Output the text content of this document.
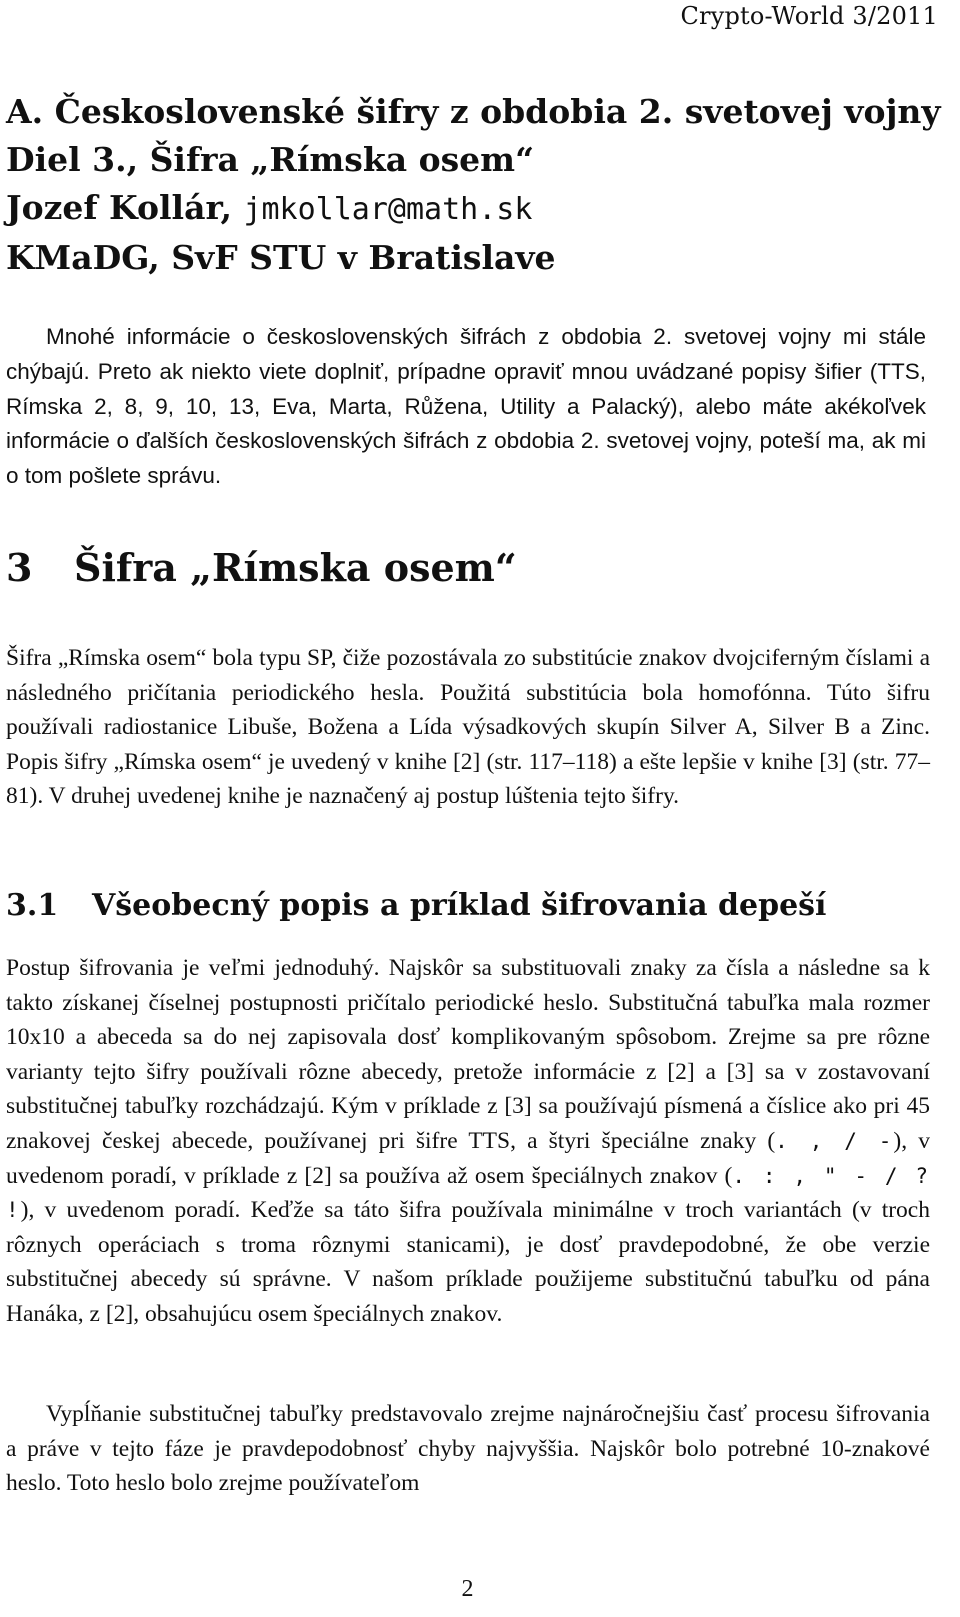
Crypto-World 3/2011
A. Československé šifry z obdobia 2. svetovej vojny
Diel 3., Šifra „Rímska osem“
Jozef Kollár, jmkollar@math.sk
KMaDG, SvF STU v Bratislave

Mnohé informácie o československých šifrách z obdobia 2. svetovej vojny mi stále chýbajú. Preto ak niekto viete doplniť, prípadne opraviť mnou uvádzané popisy šifier (TTS, Rímska 2, 8, 9, 10, 13, Eva, Marta, Růžena, Utility a Palacký), alebo máte akékoľvek informácie o ďalších československých šifrách z obdobia 2. svetovej vojny, poteší ma, ak mi o tom pošlete správu.

3 Šifra „Rímska osem“

Šifra „Rímska osem“ bola typu SP, čiže pozostávala zo substitúcie znakov dvojciferným číslami a následného pričítania periodického hesla. Použitá substitúcia bola homofónna. Túto šifru používali radiostanice Libuše, Božena a Lída výsadkových skupín Silver A, Silver B a Zinc. Popis šifry „Rímska osem“ je uvedený v knihe [2] (str. 117–118) a ešte lepšie v knihe [3] (str. 77–81). V druhej uvedenej knihe je naznačený aj postup lúštenia tejto šifry.

3.1 Všeobecný popis a príklad šifrovania depeší

Postup šifrovania je veľmi jednoduhý. Najskôr sa substituovali znaky za čísla a následne sa k takto získanej číselnej postupnosti pričítalo periodické heslo. Substitučná tabuľka mala rozmer 10x10 a abeceda sa do nej zapisovala dosť komplikovaným spôsobom. Zrejme sa pre rôzne varianty tejto šifry používali rôzne abecedy, pretože informácie z [2] a [3] sa v zostavovaní substitučnej tabuľky rozchádzajú. Kým v príklade z [3] sa používajú písmená a číslice ako pri 45 znakovej českej abecede, používanej pri šifre TTS, a štyri špeciálne znaky (. , / -), v uvedenom poradí, v príklade z [2] sa používa až osem špeciálnych znakov (. : , " - / ? !), v uvedenom poradí. Keďže sa táto šifra používala minimálne v troch variantách (v troch rôznych operáciach s troma rôznymi stanicami), je dosť pravdepodobné, že obe verzie substitučnej abecedy sú správne. V našom príklade použijeme substitučnú tabuľku od pána Hanáka, z [2], obsahujúcu osem špeciálnych znakov.

Vypĺňanie substitučnej tabuľky predstavovalo zrejme najnáročnejšiu časť procesu šifrovania a práve v tejto fáze je pravdepodobnosť chyby najvyššia. Najskôr bolo potrebné 10-znakové heslo. Toto heslo bolo zrejme používateľom

2
